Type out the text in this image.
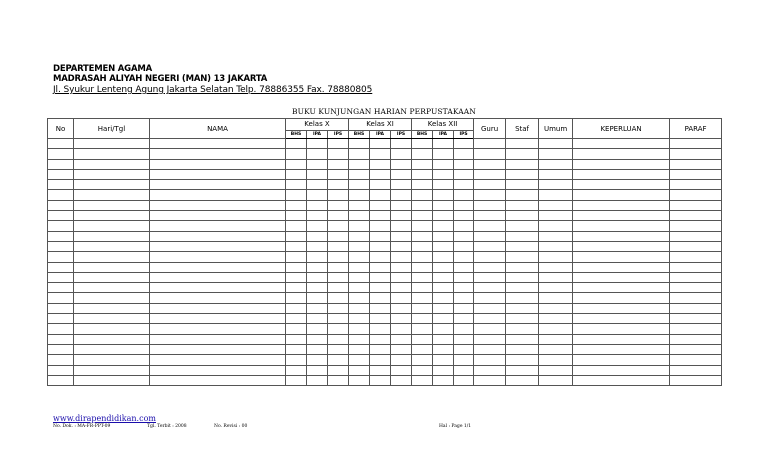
DEPARTEMEN AGAMA
MADRASAH ALIYAH NEGERI (MAN) 13 JAKARTA
Jl. Syukur Lenteng Agung Jakarta Selatan Telp. 78886355 Fax. 78880805
BUKU KUNJUNGAN HARIAN PERPUSTAKAAN
No	Hari/Tgl	NAMA	Kelas X			Kelas XI			Kelas XII			Guru	Staf	Umum	KEPERLUAN	PARAF
			BHS	IPA	IPS	BHS	IPA	IPS	BHS	IPA	IPS					

www.dirapendidikan.com
No. Dok. : MA-FR-PPT-09	Tgl. Terbit : 2008	No. Revisi : 00	Hal : Page 1/1
